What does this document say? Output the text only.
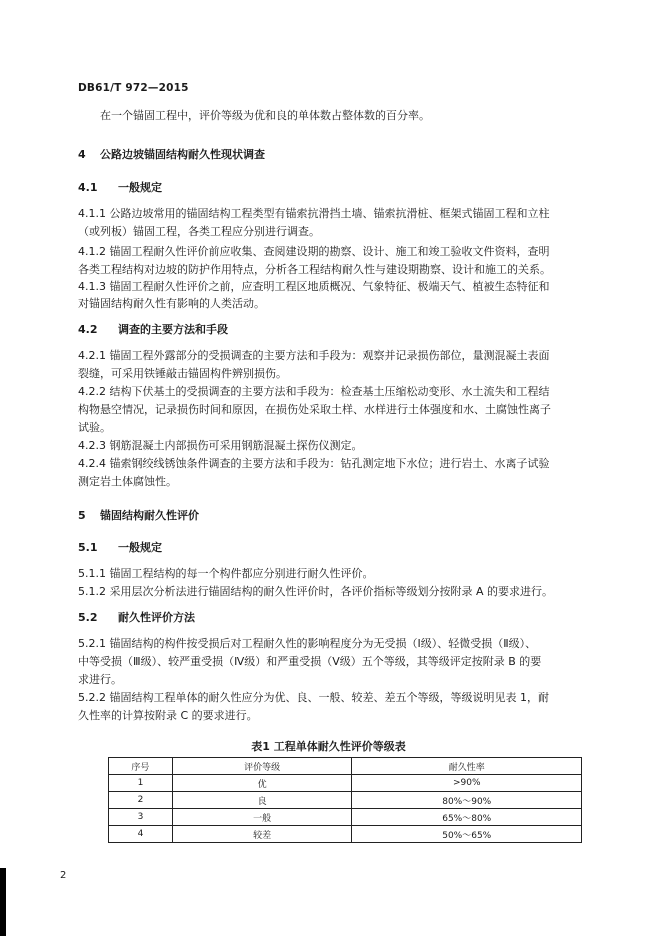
DB61/T 972—2015
在一个锚固工程中，评价等级为优和良的单体数占整体数的百分率。
4 公路边坡锚固结构耐久性现状调查
4.1 一般规定
4.1.1 公路边坡常用的锚固结构工程类型有锚索抗滑挡土墙、锚索抗滑桩、框架式锚固工程和立柱
（或列板）锚固工程，各类工程应分别进行调查。
4.1.2 锚固工程耐久性评价前应收集、查阅建设期的勘察、设计、施工和竣工验收文件资料，查明
各类工程结构对边坡的防护作用特点，分析各工程结构耐久性与建设期勘察、设计和施工的关系。
4.1.3 锚固工程耐久性评价之前，应查明工程区地质概况、气象特征、极端天气、植被生态特征和
对锚固结构耐久性有影响的人类活动。
4.2 调查的主要方法和手段
4.2.1 锚固工程外露部分的受损调查的主要方法和手段为：观察并记录损伤部位，量测混凝土表面
裂缝，可采用铁锤敲击锚固构件辨别损伤。
4.2.2 结构下伏基土的受损调查的主要方法和手段为：检查基土压缩松动变形、水土流失和工程结
构物悬空情况，记录损伤时间和原因，在损伤处采取土样、水样进行土体强度和水、土腐蚀性离子
试验。
4.2.3 钢筋混凝土内部损伤可采用钢筋混凝土探伤仪测定。
4.2.4 锚索钢绞线锈蚀条件调查的主要方法和手段为：钻孔测定地下水位；进行岩土、水离子试验
测定岩土体腐蚀性。
5 锚固结构耐久性评价
5.1 一般规定
5.1.1 锚固工程结构的每一个构件都应分别进行耐久性评价。
5.1.2 采用层次分析法进行锚固结构的耐久性评价时，各评价指标等级划分按附录 A 的要求进行。
5.2 耐久性评价方法
5.2.1 锚固结构的构件按受损后对工程耐久性的影响程度分为无受损（Ⅰ级）、轻微受损（Ⅱ级）、
中等受损（Ⅲ级）、较严重受损（Ⅳ级）和严重受损（Ⅴ级）五个等级，其等级评定按附录 B 的要
求进行。
5.2.2 锚固结构工程单体的耐久性应分为优、良、一般、较差、差五个等级，等级说明见表 1，耐
久性率的计算按附录 C 的要求进行。
表1 工程单体耐久性评价等级表
序号	评价等级	耐久性率
1	优	>90%
2	良	80%～90%
3	一般	65%～80%
4	较差	50%～65%
2
